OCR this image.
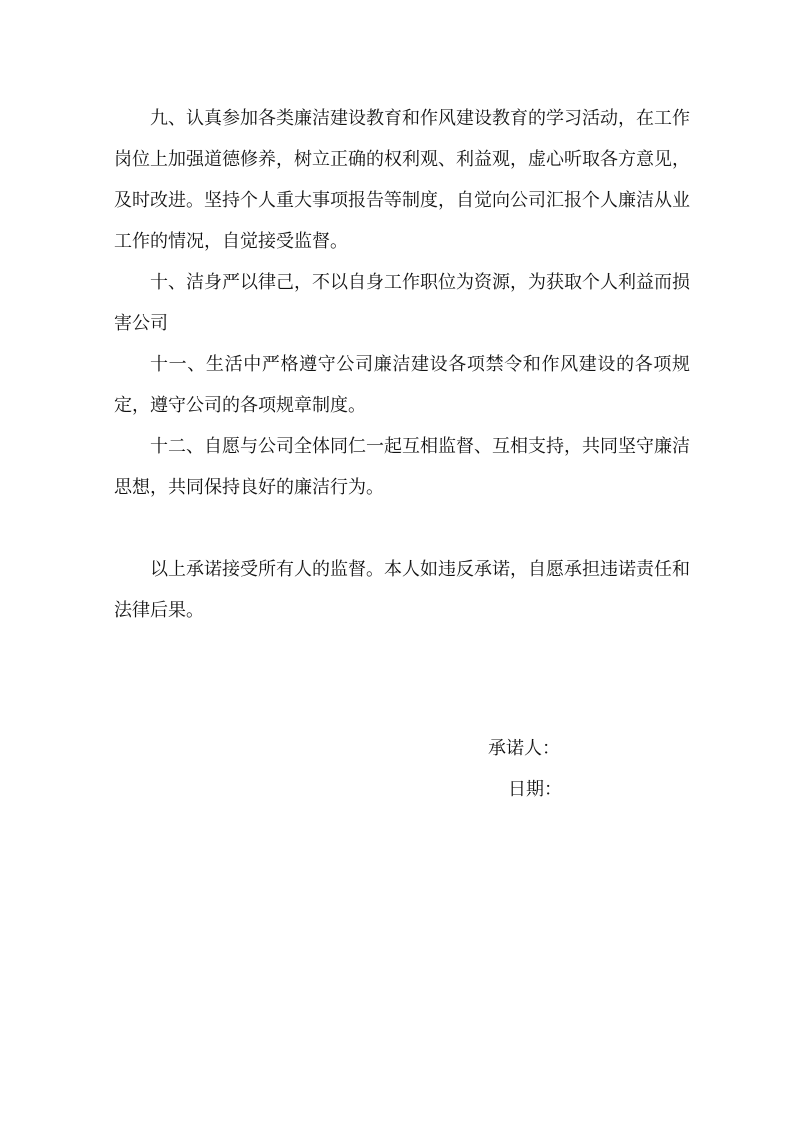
九、认真参加各类廉洁建设教育和作风建设教育的学习活动，在工作岗位上加强道德修养，树立正确的权利观、利益观，虚心听取各方意见，及时改进。坚持个人重大事项报告等制度，自觉向公司汇报个人廉洁从业工作的情况，自觉接受监督。

十、洁身严以律己，不以自身工作职位为资源，为获取个人利益而损害公司

十一、生活中严格遵守公司廉洁建设各项禁令和作风建设的各项规定，遵守公司的各项规章制度。

十二、自愿与公司全体同仁一起互相监督、互相支持，共同坚守廉洁思想，共同保持良好的廉洁行为。

以上承诺接受所有人的监督。本人如违反承诺，自愿承担违诺责任和法律后果。

承诺人：
日期：
